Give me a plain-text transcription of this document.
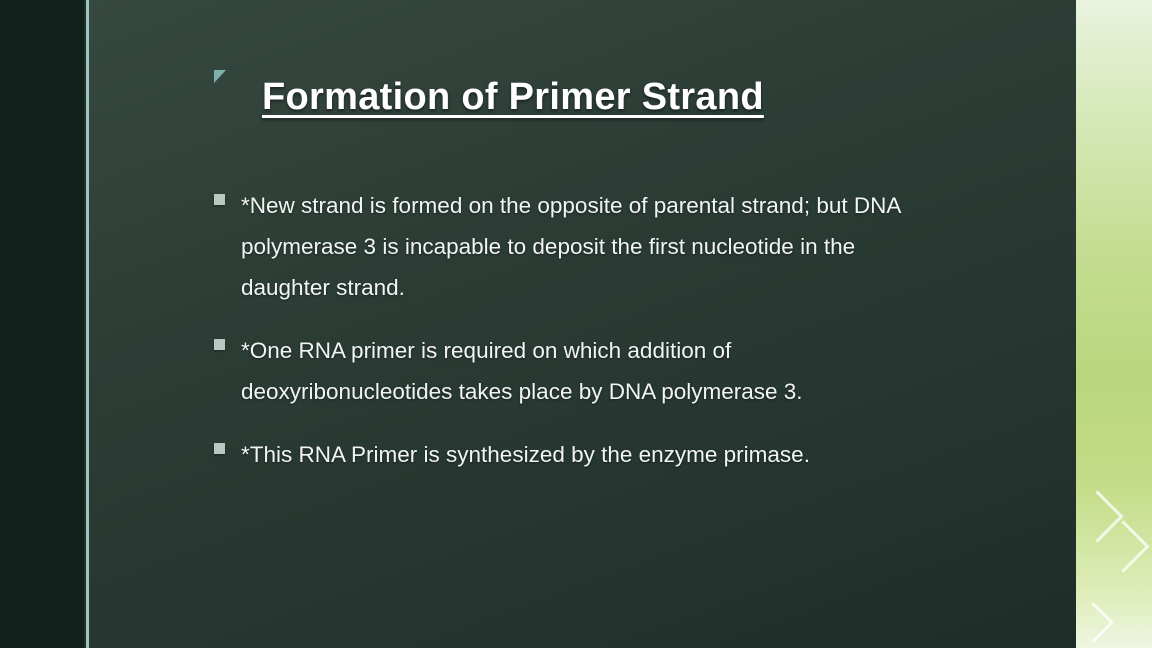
Formation of Primer Strand
*New strand is formed on the opposite of parental strand; but DNA polymerase 3 is incapable to deposit the first nucleotide in the daughter strand.
*One RNA primer is required on which addition of deoxyribonucleotides takes place by DNA polymerase 3.
*This RNA Primer is synthesized by the enzyme primase.
